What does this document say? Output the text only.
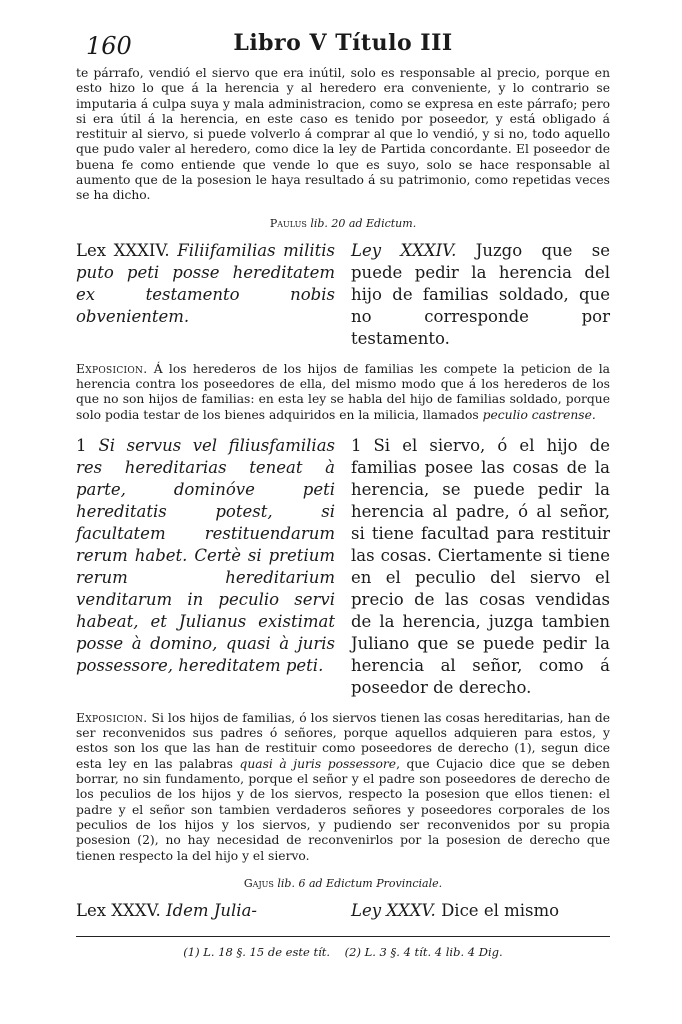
160	Libro V Título III

te párrafo, vendió el siervo que era inútil, solo es responsable al precio, porque en esto hizo lo que á la herencia y al heredero era conveniente, y lo contrario se imputaria á culpa suya y mala administracion, como se expresa en este párrafo; pero si era útil á la herencia, en este caso es tenido por poseedor, y está obligado á restituir al siervo, si puede volverlo á comprar al que lo vendió, y si no, todo aquello que pudo valer al heredero, como dice la ley de Partida concordante. El poseedor de buena fe como entiende que vende lo que es suyo, solo se hace responsable al aumento que de la posesion le haya resultado á su patrimonio, como repetidas veces se ha dicho.

Paulus lib. 20 ad Edictum.

Lex XXXIV. Filiifamilias militis puto peti posse hereditatem ex testamento nobis obvenientem.

Ley XXXIV. Juzgo que se puede pedir la herencia del hijo de familias soldado, que no corresponde por testamento.

Exposicion. Á los herederos de los hijos de familias les compete la peticion de la herencia contra los poseedores de ella, del mismo modo que á los herederos de los que no son hijos de familias: en esta ley se habla del hijo de familias soldado, porque solo podia testar de los bienes adquiridos en la milicia, llamados peculio castrense.

1 Si servus vel filiusfamilias res hereditarias teneat à parte, dominóve peti hereditatis potest, si facultatem restituendarum rerum habet. Certè si pretium rerum hereditarium venditarum in peculio servi habeat, et Julianus existimat posse à domino, quasi à juris possessore, hereditatem peti.

1 Si el siervo, ó el hijo de familias posee las cosas de la herencia, se puede pedir la herencia al padre, ó al señor, si tiene facultad para restituir las cosas. Ciertamente si tiene en el peculio del siervo el precio de las cosas vendidas de la herencia, juzga tambien Juliano que se puede pedir la herencia al señor, como á poseedor de derecho.

Exposicion. Si los hijos de familias, ó los siervos tienen las cosas hereditarias, han de ser reconvenidos sus padres ó señores, porque aquellos adquieren para estos, y estos son los que las han de restituir como poseedores de derecho (1), segun dice esta ley en las palabras quasi à juris possessore, que Cujacio dice que se deben borrar, no sin fundamento, porque el señor y el padre son poseedores de derecho de los peculios de los hijos y de los siervos, respecto la posesion que ellos tienen: el padre y el señor son tambien verdaderos señores y poseedores corporales de los peculios de los hijos y los siervos, y pudiendo ser reconvenidos por su propia posesion (2), no hay necesidad de reconvenirlos por la posesion de derecho que tienen respecto la del hijo y el siervo.

Gajus lib. 6 ad Edictum Provinciale.

Lex XXXV. Idem Julia-	Ley XXXV. Dice el mismo

(1) L. 18 §. 15 de este tít. (2) L. 3 §. 4 tít. 4 lib. 4 Dig.
